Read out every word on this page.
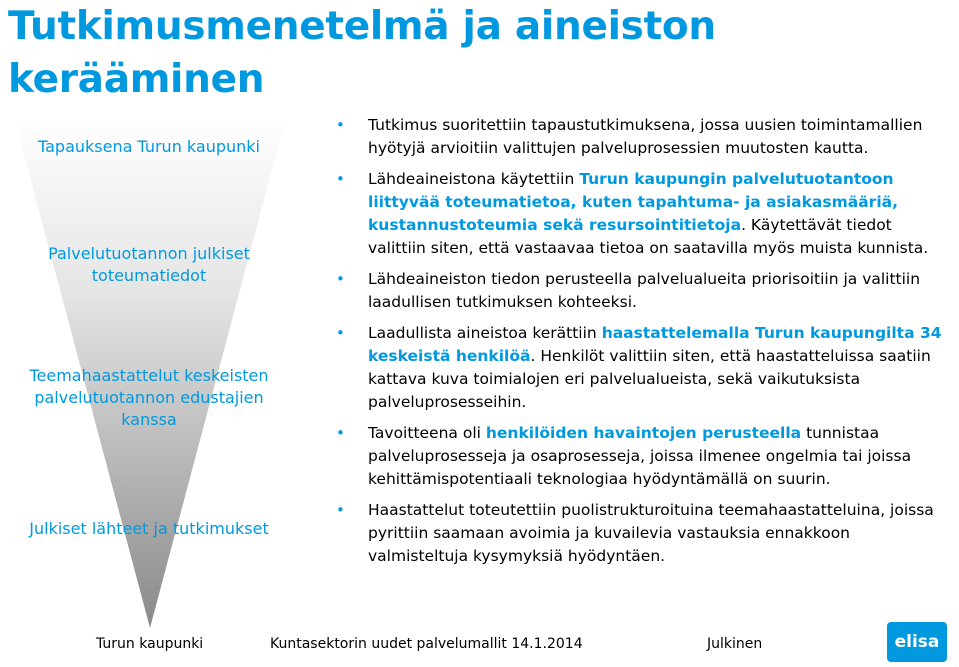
Tutkimusmenetelmä ja aineiston kerääminen
Tapauksena Turun kaupunki
Palvelutuotannon julkiset toteumatiedot
Teemahaastattelut keskeisten palvelutuotannon edustajien kanssa
Julkiset lähteet ja tutkimukset
• Tutkimus suoritettiin tapaustutkimuksena, jossa uusien toimintamallien hyötyjä arvioitiin valittujen palveluprosessien muutosten kautta.
• Lähdeaineistona käytettiin Turun kaupungin palvelutuotantoon liittyvää toteumatietoa, kuten tapahtuma- ja asiakasmääriä, kustannustoteumia sekä resursointitietoja. Käytettävät tiedot valittiin siten, että vastaavaa tietoa on saatavilla myös muista kunnista.
• Lähdeaineiston tiedon perusteella palvelualueita priorisoitiin ja valittiin laadullisen tutkimuksen kohteeksi.
• Laadullista aineistoa kerättiin haastattelemalla Turun kaupungilta 34 keskeistä henkilöä. Henkilöt valittiin siten, että haastatteluissa saatiin kattava kuva toimialojen eri palvelualueista, sekä vaikutuksista palveluprosesseihin.
• Tavoitteena oli henkilöiden havaintojen perusteella tunnistaa palveluprosesseja ja osaprosesseja, joissa ilmenee ongelmia tai joissa kehittämispotentiaali teknologiaa hyödyntämällä on suurin.
• Haastattelut toteutettiin puolistrukturoituina teemahaastatteluina, joissa pyrittiin saamaan avoimia ja kuvailevia vastauksia ennakkoon valmisteltuja kysymyksiä hyödyntäen.
Turun kaupunki	Kuntasektorin uudet palvelumallit 14.1.2014	Julkinen	elisa
